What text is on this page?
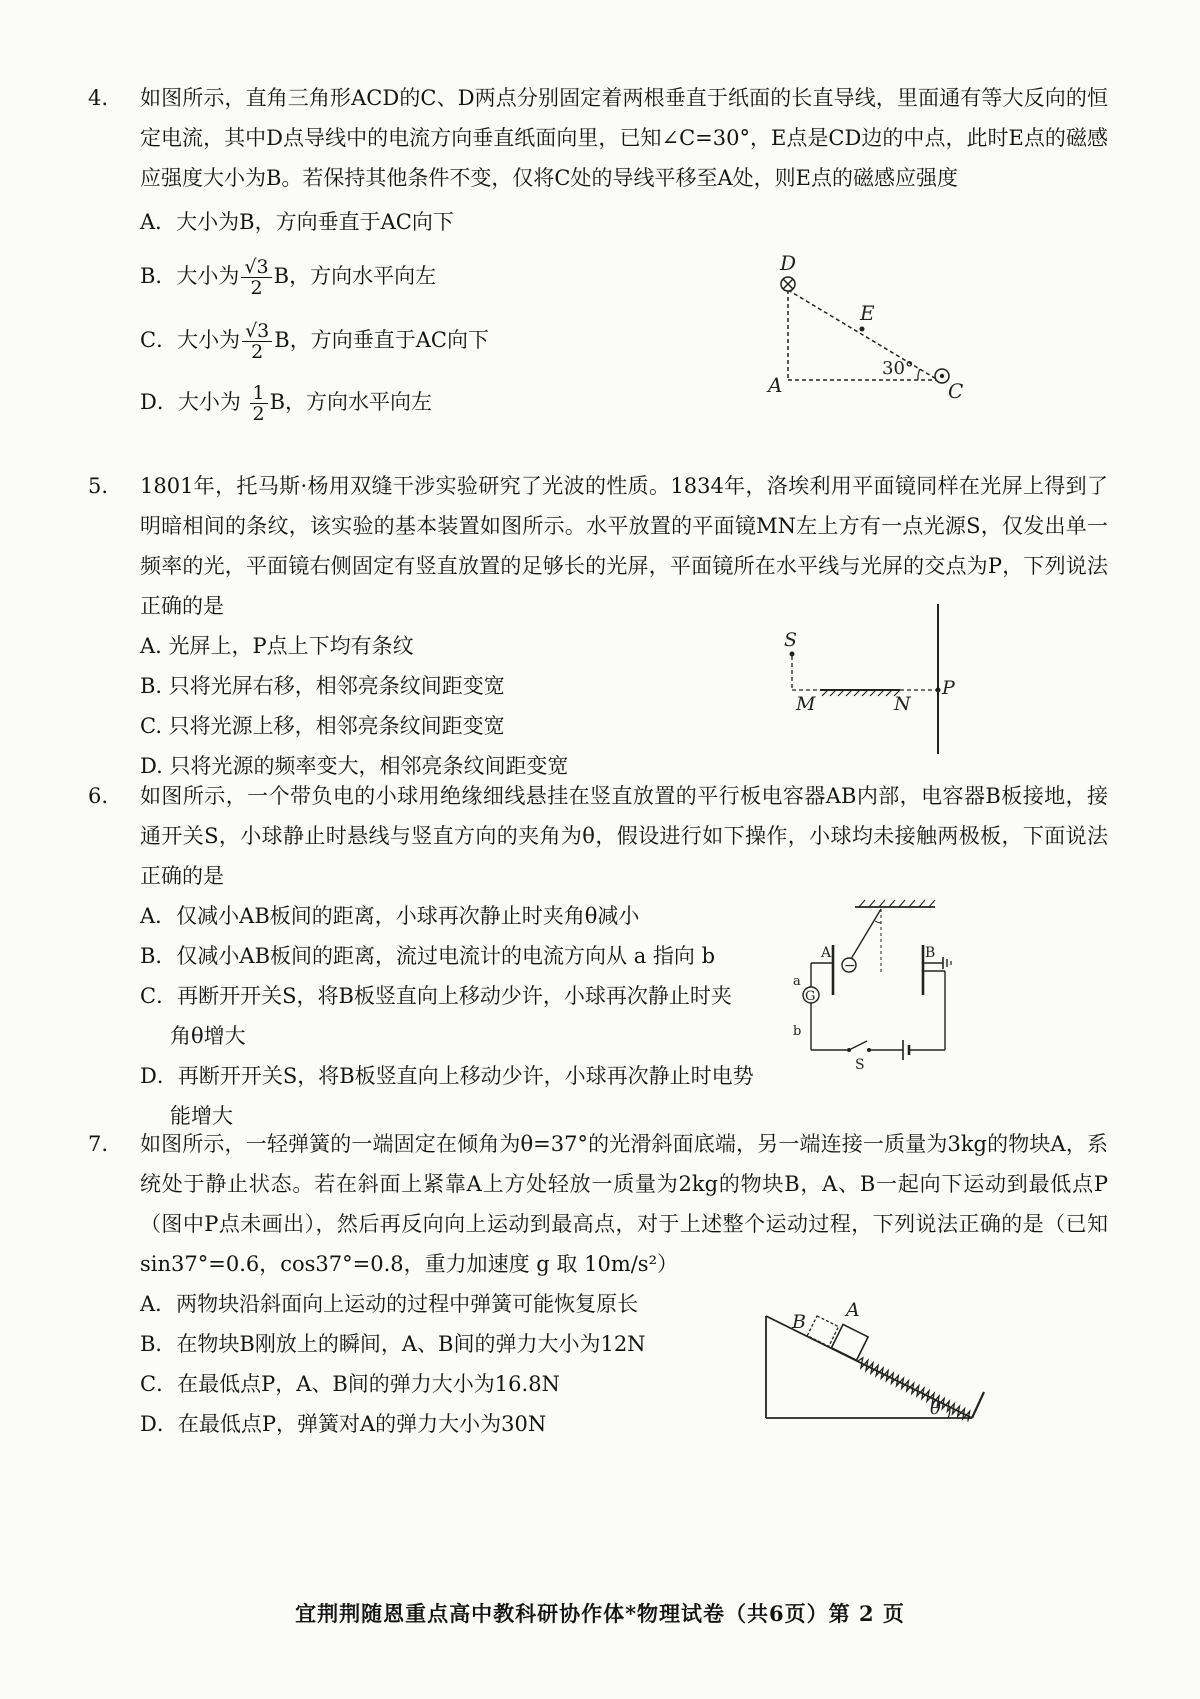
4.	如图所示，直角三角形ACD的C、D两点分别固定着两根垂直于纸面的长直导线，里面通有等大反向的恒定电流，其中D点导线中的电流方向垂直纸面向里，已知∠C=30°，E点是CD边的中点，此时E点的磁感应强度大小为B。若保持其他条件不变，仅将C处的导线平移至A处，则E点的磁感应强度
A．大小为B，方向垂直于AC向下
B．大小为 $\frac{√3}{2}$ B，方向水平向左
C．大小为 $\frac{√3}{2}$ B，方向垂直于AC向下
D．大小为 $\frac{1}{2}$ B，方向水平向左
D
E
A	C
30°
5.	1801年，托马斯·杨用双缝干涉实验研究了光波的性质。1834年，洛埃利用平面镜同样在光屏上得到了明暗相间的条纹，该实验的基本装置如图所示。水平放置的平面镜MN左上方有一点光源S，仅发出单一频率的光，平面镜右侧固定有竖直放置的足够长的光屏，平面镜所在水平线与光屏的交点为P，下列说法正确的是
A. 光屏上，P点上下均有条纹
B. 只将光屏右移，相邻亮条纹间距变宽
C. 只将光源上移，相邻亮条纹间距变宽
D. 只将光源的频率变大，相邻亮条纹间距变宽
S
M	N
P
6.	如图所示，一个带负电的小球用绝缘细线悬挂在竖直放置的平行板电容器AB内部，电容器B板接地，接通开关S，小球静止时悬线与竖直方向的夹角为θ，假设进行如下操作，小球均未接触两极板，下面说法正确的是
A．仅减小AB板间的距离，小球再次静止时夹角θ减小
B．仅减小AB板间的距离，流过电流计的电流方向从 a 指向 b
C．再断开开关S，将B板竖直向上移动少许，小球再次静止时夹
角θ增大
D．再断开开关S，将B板竖直向上移动少许，小球再次静止时电势
能增大
−
G
A	B
a
b
S
7.	如图所示，一轻弹簧的一端固定在倾角为θ=37°的光滑斜面底端，另一端连接一质量为3kg的物块A，系统处于静止状态。若在斜面上紧靠A上方处轻放一质量为2kg的物块B，A、B一起向下运动到最低点P（图中P点未画出），然后再反向向上运动到最高点，对于上述整个运动过程，下列说法正确的是（已知 sin37°=0.6，cos37°=0.8，重力加速度 g 取 10m/s²）
A．两物块沿斜面向上运动的过程中弹簧可能恢复原长
B．在物块B刚放上的瞬间，A、B间的弹力大小为12N
C．在最低点P，A、B间的弹力大小为16.8N
D．在最低点P，弹簧对A的弹力大小为30N
B
A
θ
宜荆荆随恩重点高中教科研协作体*物理试卷（共6页）第 2 页
